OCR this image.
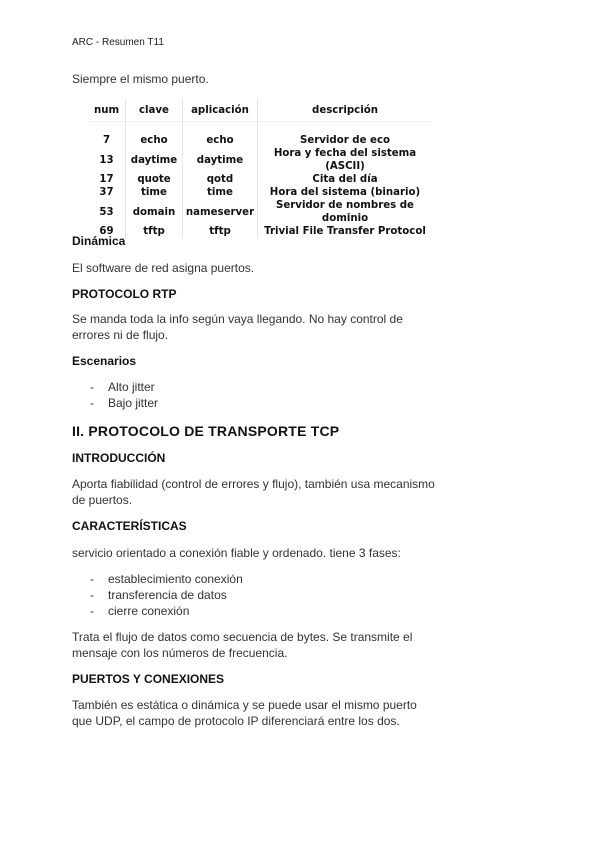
ARC - Resumen T11
Siempre el mismo puerto.
num	clave	aplicación	descripción

7	echo	echo	Servidor de eco
13	daytime	daytime	Hora y fecha del sistema (ASCII)
17	quote	qotd	Cita del día
37	time	time	Hora del sistema (binario)
53	domain	nameserver	Servidor de nombres de dominio
69	tftp	tftp	Trivial File Transfer Protocol
Dinámica
El software de red asigna puertos.
PROTOCOLO RTP
Se manda toda la info según vaya llegando. No hay control de errores ni de flujo.
Escenarios
- Alto jitter
- Bajo jitter
II. PROTOCOLO DE TRANSPORTE TCP
INTRODUCCIÓN
Aporta fiabilidad (control de errores y flujo), también usa mecanismo de puertos.
CARACTERÍSTICAS
servicio orientado a conexión fiable y ordenado. tiene 3 fases:
- establecimiento conexión
- transferencia de datos
- cierre conexión
Trata el flujo de datos como secuencia de bytes. Se transmite el mensaje con los números de frecuencia.
PUERTOS Y CONEXIONES
También es estática o dinámica y se puede usar el mismo puerto que UDP, el campo de protocolo IP diferenciará entre los dos.
